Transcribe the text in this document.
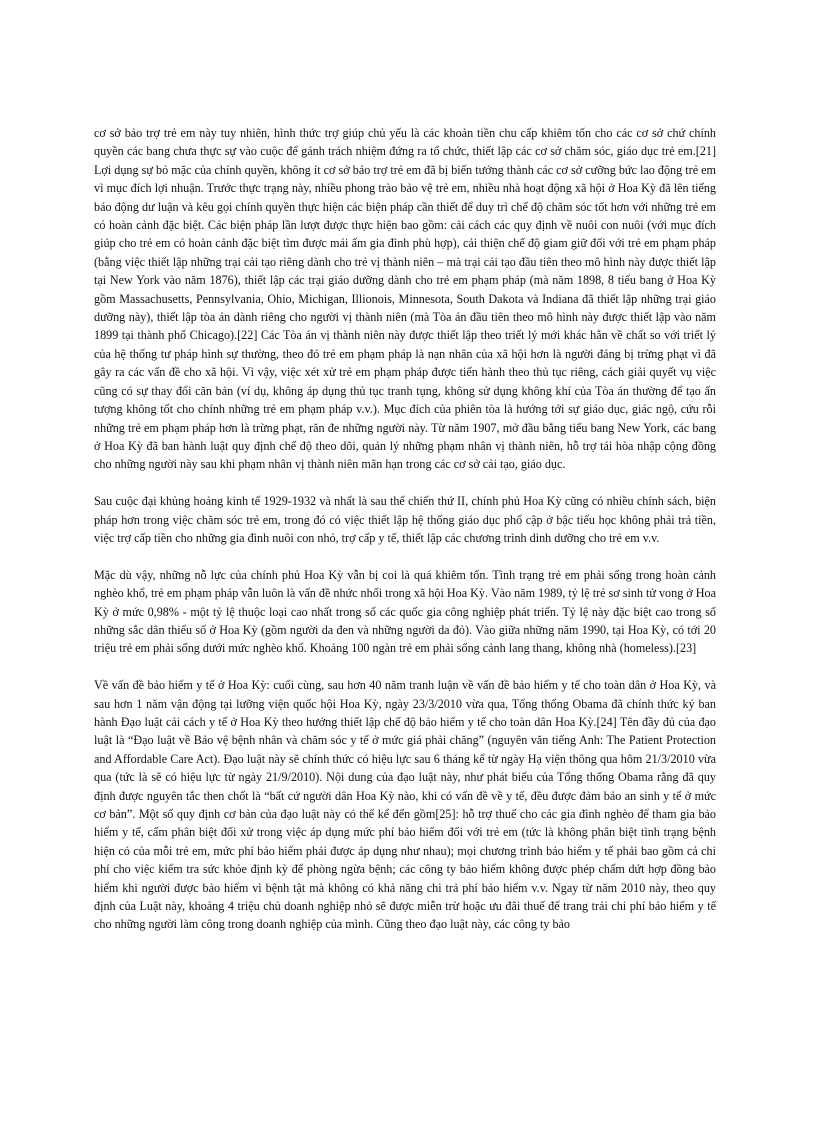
cơ sở bảo trợ trẻ em này tuy nhiên, hình thức trợ giúp chủ yếu là các khoản tiền chu cấp khiêm tốn cho các cơ sở chứ chính quyền các bang chưa thực sự vào cuộc để gánh trách nhiệm đứng ra tổ chức, thiết lập các cơ sở chăm sóc, giáo dục trẻ em.[21] Lợi dụng sự bỏ mặc của chính quyền, không ít cơ sở bảo trợ trẻ em đã bị biến tướng thành các cơ sở cưỡng bức lao động trẻ em vì mục đích lợi nhuận. Trước thực trạng này, nhiều phong trào bảo vệ trẻ em, nhiều nhà hoạt động xã hội ở Hoa Kỳ đã lên tiếng báo động dư luận và kêu gọi chính quyền thực hiện các biện pháp cần thiết để duy trì chế độ chăm sóc tốt hơn với những trẻ em có hoàn cảnh đặc biệt. Các biện pháp lần lượt được thực hiện bao gồm: cải cách các quy định về nuôi con nuôi (với mục đích giúp cho trẻ em có hoàn cảnh đặc biệt tìm được mái ấm gia đình phù hợp), cải thiện chế độ giam giữ đối với trẻ em phạm pháp (bằng việc thiết lập những trại cải tạo riêng dành cho trẻ vị thành niên – mà trại cải tạo đầu tiên theo mô hình này được thiết lập tại New York vào năm 1876), thiết lập các trại giáo dưỡng dành cho trẻ em phạm pháp (mà năm 1898, 8 tiểu bang ở Hoa Kỳ gồm Massachusetts, Pennsylvania, Ohio, Michigan, Illionois, Minnesota, South Dakota và Indiana đã thiết lập những trại giáo dưỡng này), thiết lập tòa án dành riêng cho người vị thành niên (mà Tòa án đầu tiên theo mô hình này được thiết lập vào năm 1899 tại thành phố Chicago).[22] Các Tòa án vị thành niên này được thiết lập theo triết lý mới khác hẳn về chất so với triết lý của hệ thống tư pháp hình sự thường, theo đó trẻ em phạm pháp là nạn nhân của xã hội hơn là người đáng bị trừng phạt vì đã gây ra các vấn đề cho xã hội. Vì vậy, việc xét xử trẻ em phạm pháp được tiến hành theo thủ tục riêng, cách giải quyết vụ việc cũng có sự thay đổi căn bản (ví dụ, không áp dụng thủ tục tranh tụng, không sử dụng không khí của Tòa án thường để tạo ấn tượng không tốt cho chính những trẻ em phạm pháp v.v.). Mục đích của phiên tòa là hướng tới sự giáo dục, giác ngộ, cứu rỗi những trẻ em phạm pháp hơn là trừng phạt, răn đe những người này. Từ năm 1907, mở đầu bằng tiểu bang New York, các bang ở Hoa Kỳ đã ban hành luật quy định chế độ theo dõi, quản lý những phạm nhân vị thành niên, hỗ trợ tái hòa nhập cộng đồng cho những người này sau khi phạm nhân vị thành niên mãn hạn trong các cơ sở cải tạo, giáo dục.

Sau cuộc đại khủng hoảng kinh tế 1929-1932 và nhất là sau thế chiến thứ II, chính phủ Hoa Kỳ cũng có nhiều chính sách, biện pháp hơn trong việc chăm sóc trẻ em, trong đó có việc thiết lập hệ thống giáo dục phổ cập ở bậc tiểu học không phải trả tiền, việc trợ cấp tiền cho những gia đình nuôi con nhỏ, trợ cấp y tế, thiết lập các chương trình dinh dưỡng cho trẻ em v.v.

Mặc dù vậy, những nỗ lực của chính phủ Hoa Kỳ vẫn bị coi là quá khiêm tốn. Tình trạng trẻ em phải sống trong hoàn cảnh nghèo khổ, trẻ em phạm pháp vẫn luôn là vấn đề nhức nhối trong xã hội Hoa Kỳ. Vào năm 1989, tỷ lệ trẻ sơ sinh tử vong ở Hoa Kỳ ở mức 0,98% - một tỷ lệ thuộc loại cao nhất trong số các quốc gia công nghiệp phát triển. Tỷ lệ này đặc biệt cao trong số những sắc dân thiểu số ở Hoa Kỳ (gồm người da đen và những người da đỏ). Vào giữa những năm 1990, tại Hoa Kỳ, có tới 20 triệu trẻ em phải sống dưới mức nghèo khổ. Khoảng 100 ngàn trẻ em phải sống cảnh lang thang, không nhà (homeless).[23]

Về vấn đề bảo hiểm y tế ở Hoa Kỳ: cuối cùng, sau hơn 40 năm tranh luận về vấn đề bảo hiểm y tế cho toàn dân ở Hoa Kỳ, và sau hơn 1 năm vận động tại lưỡng viện quốc hội Hoa Kỳ, ngày 23/3/2010 vừa qua, Tổng thống Obama đã chính thức ký ban hành Đạo luật cải cách y tế ở Hoa Kỳ theo hướng thiết lập chế độ bảo hiểm y tế cho toàn dân Hoa Kỳ.[24] Tên đầy đủ của đạo luật là “Đạo luật về Bảo vệ bệnh nhân và chăm sóc y tế ở mức giá phải chăng” (nguyên văn tiếng Anh: The Patient Protection and Affordable Care Act). Đạo luật này sẽ chính thức có hiệu lực sau 6 tháng kể từ ngày Hạ viện thông qua hôm 21/3/2010 vừa qua (tức là sẽ có hiệu lực từ ngày 21/9/2010). Nội dung của đạo luật này, như phát biểu của Tổng thống Obama rằng đã quy định được nguyên tắc then chốt là “bất cứ người dân Hoa Kỳ nào, khi có vấn đề về y tế, đều được đảm bảo an sinh y tế ở mức cơ bản”. Một số quy định cơ bản của đạo luật này có thể kể đến gồm[25]: hỗ trợ thuế cho các gia đình nghèo để tham gia bảo hiểm y tế, cấm phân biệt đối xử trong việc áp dụng mức phí bảo hiểm đối với trẻ em (tức là không phân biệt tình trạng bệnh hiện có của mỗi trẻ em, mức phí bảo hiểm phải được áp dụng như nhau); mọi chương trình bảo hiểm y tế phải bao gồm cả chi phí cho việc kiểm tra sức khỏe định kỳ để phòng ngừa bệnh; các công ty bảo hiểm không được phép chấm dứt hợp đồng bảo hiểm khi người được bảo hiểm vì bệnh tật mà không có khả năng chi trả phí bảo hiểm v.v. Ngay từ năm 2010 này, theo quy định của Luật này, khoảng 4 triệu chủ doanh nghiệp nhỏ sẽ được miễn trừ hoặc ưu đãi thuế để trang trải chi phí bảo hiểm y tế cho những người làm công trong doanh nghiệp của mình. Cũng theo đạo luật này, các công ty bảo
